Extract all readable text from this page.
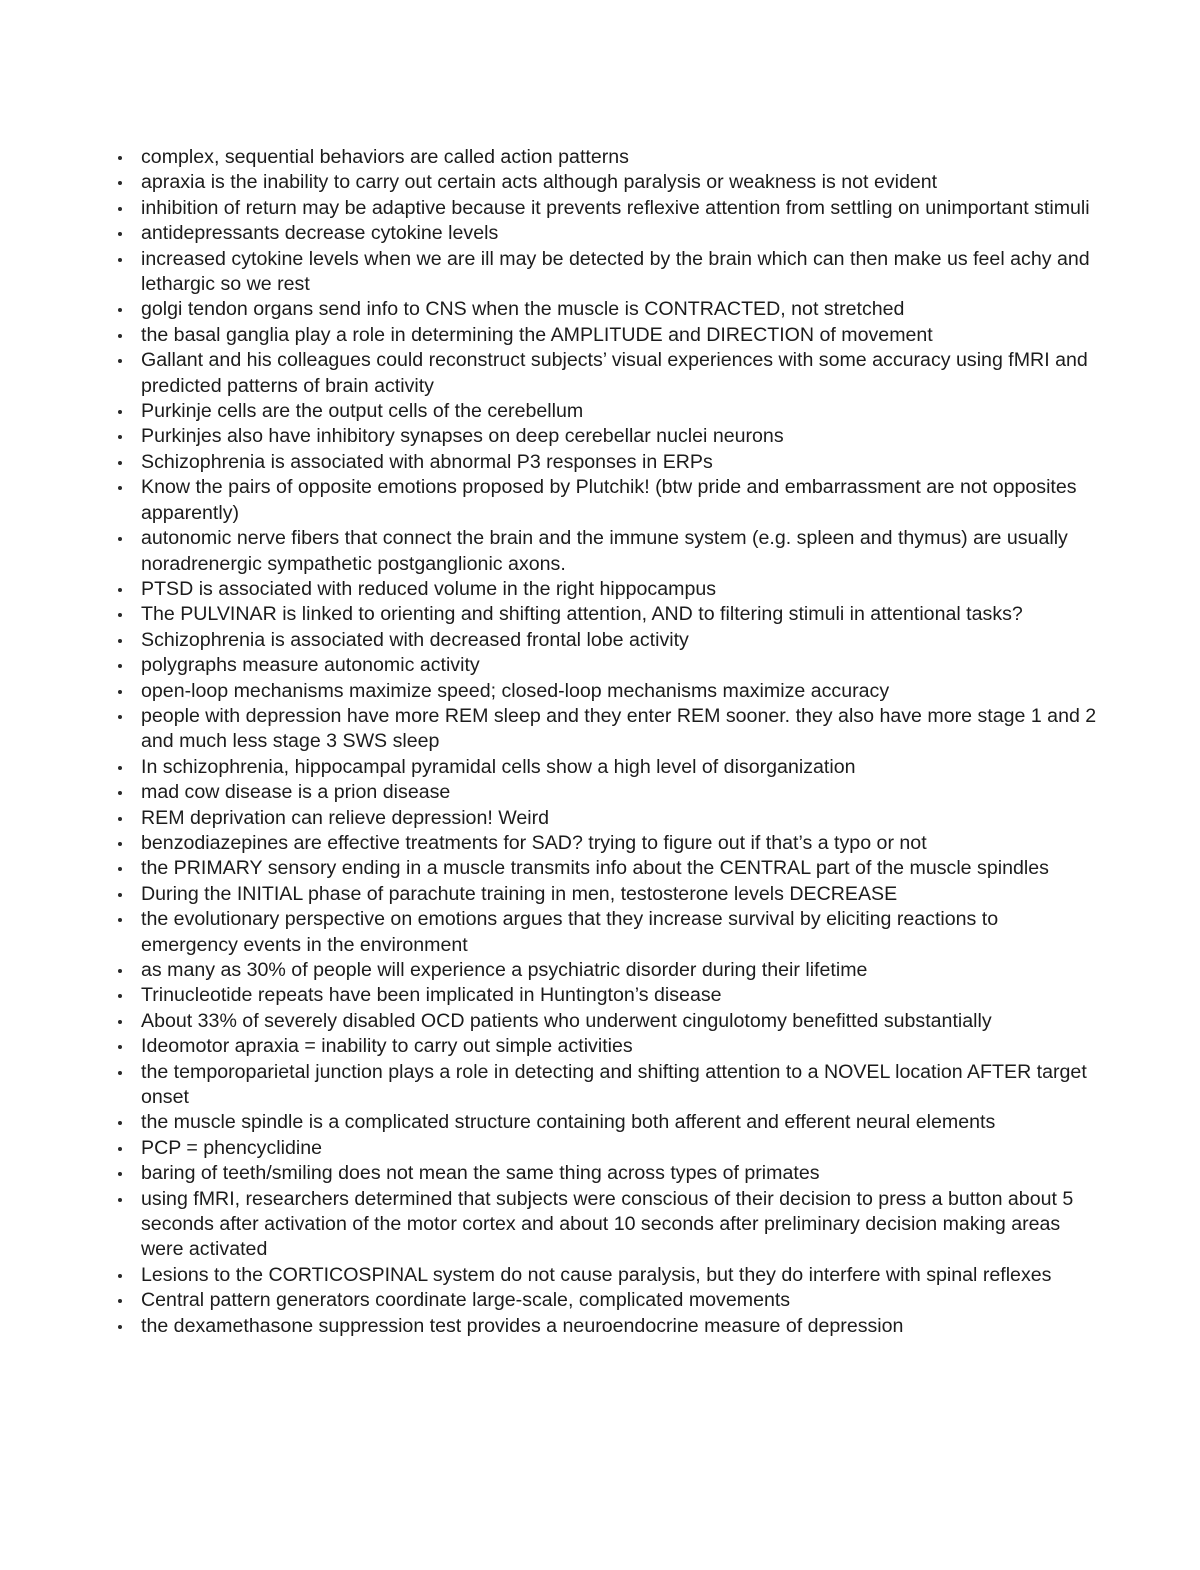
complex, sequential behaviors are called action patterns
apraxia is the inability to carry out certain acts although paralysis or weakness is not evident
inhibition of return may be adaptive because it prevents reflexive attention from settling on unimportant stimuli
antidepressants decrease cytokine levels
increased cytokine levels when we are ill may be detected by the brain which can then make us feel achy and lethargic so we rest
golgi tendon organs send info to CNS when the muscle is CONTRACTED, not stretched
the basal ganglia play a role in determining the AMPLITUDE and DIRECTION of movement
Gallant and his colleagues could reconstruct subjects’ visual experiences with some accuracy using fMRI and predicted patterns of brain activity
Purkinje cells are the output cells of the cerebellum
Purkinjes also have inhibitory synapses on deep cerebellar nuclei neurons
Schizophrenia is associated with abnormal P3 responses in ERPs
Know the pairs of opposite emotions proposed by Plutchik! (btw pride and embarrassment are not opposites apparently)
autonomic nerve fibers that connect the brain and the immune system (e.g. spleen and thymus) are usually noradrenergic sympathetic postganglionic axons.
PTSD is associated with reduced volume in the right hippocampus
The PULVINAR is linked to orienting and shifting attention, AND to filtering stimuli in attentional tasks?
Schizophrenia is associated with decreased frontal lobe activity
polygraphs measure autonomic activity
open-loop mechanisms maximize speed; closed-loop mechanisms maximize accuracy
people with depression have more REM sleep and they enter REM sooner. they also have more stage 1 and 2 and much less stage 3 SWS sleep
In schizophrenia, hippocampal pyramidal cells show a high level of disorganization
mad cow disease is a prion disease
REM deprivation can relieve depression! Weird
benzodiazepines are effective treatments for SAD? trying to figure out if that’s a typo or not
the PRIMARY sensory ending in a muscle transmits info about the CENTRAL part of the muscle spindles
During the INITIAL phase of parachute training in men, testosterone levels DECREASE
the evolutionary perspective on emotions argues that they increase survival by eliciting reactions to emergency events in the environment
as many as 30% of people will experience a psychiatric disorder during their lifetime
Trinucleotide repeats have been implicated in Huntington’s disease
About 33% of severely disabled OCD patients who underwent cingulotomy benefitted substantially
Ideomotor apraxia = inability to carry out simple activities
the temporoparietal junction plays a role in detecting and shifting attention to a NOVEL location AFTER target onset
the muscle spindle is a complicated structure containing both afferent and efferent neural elements
PCP = phencyclidine
baring of teeth/smiling does not mean the same thing across types of primates
using fMRI, researchers determined that subjects were conscious of their decision to press a button about 5 seconds after activation of the motor cortex and about 10 seconds after preliminary decision making areas were activated
Lesions to the CORTICOSPINAL system do not cause paralysis, but they do interfere with spinal reflexes
Central pattern generators coordinate large-scale, complicated movements
the dexamethasone suppression test provides a neuroendocrine measure of depression
